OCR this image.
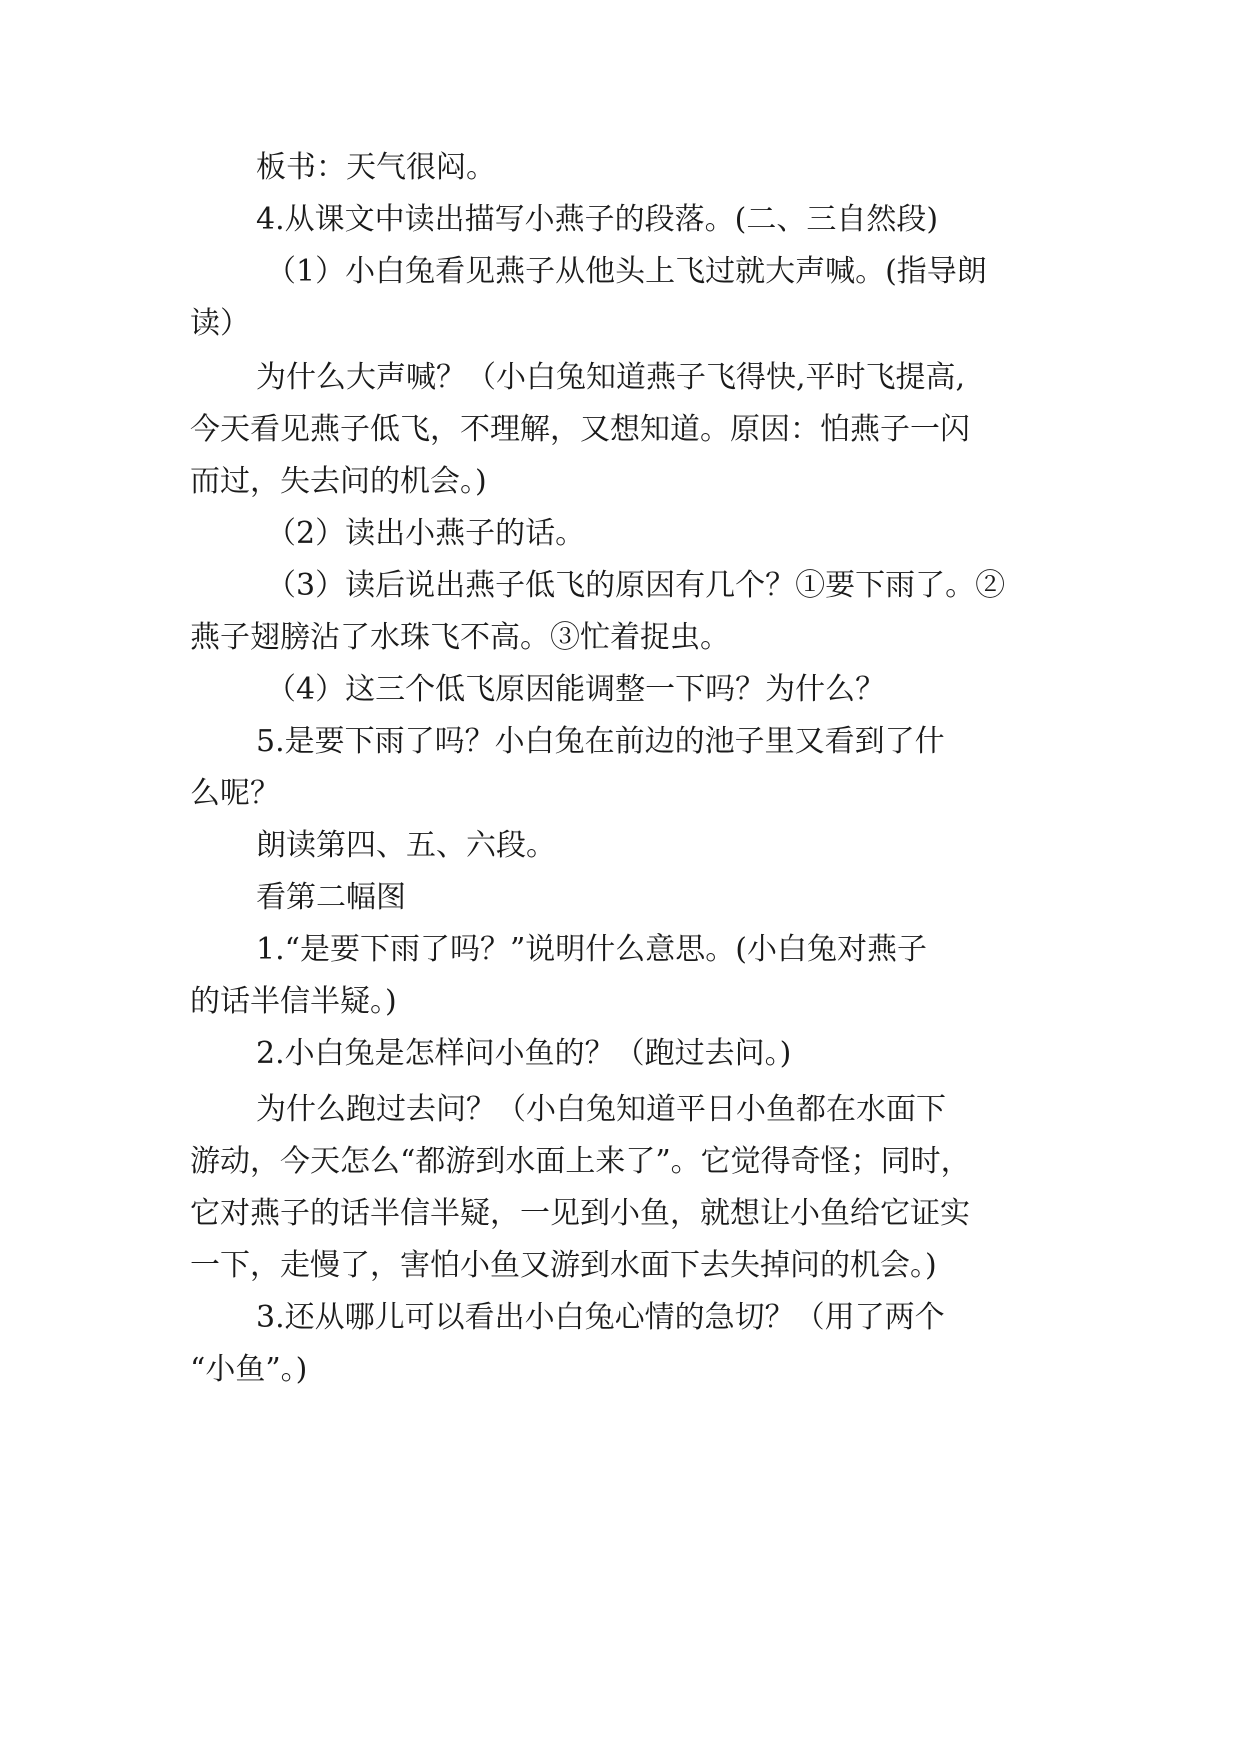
板书：天气很闷。
4.从课文中读出描写小燕子的段落。(二、三自然段)
（1）小白兔看见燕子从他头上飞过就大声喊。(指导朗
读）
为什么大声喊？（小白兔知道燕子飞得快,平时飞提高,
今天看见燕子低飞，不理解，又想知道。原因：怕燕子一闪
而过，失去问的机会。)
（2）读出小燕子的话。
（3）读后说出燕子低飞的原因有几个？①要下雨了。②
燕子翅膀沾了水珠飞不高。③忙着捉虫。
（4）这三个低飞原因能调整一下吗？为什么？
5.是要下雨了吗？小白兔在前边的池子里又看到了什
么呢？
朗读第四、五、六段。
看第二幅图
1.“是要下雨了吗？”说明什么意思。(小白兔对燕子
的话半信半疑。)
2.小白兔是怎样问小鱼的？（跑过去问。)
为什么跑过去问？（小白兔知道平日小鱼都在水面下
游动，今天怎么“都游到水面上来了”。它觉得奇怪；同时，
它对燕子的话半信半疑，一见到小鱼，就想让小鱼给它证实
一下，走慢了，害怕小鱼又游到水面下去失掉问的机会。)
3.还从哪儿可以看出小白兔心情的急切？（用了两个
“小鱼”。)
